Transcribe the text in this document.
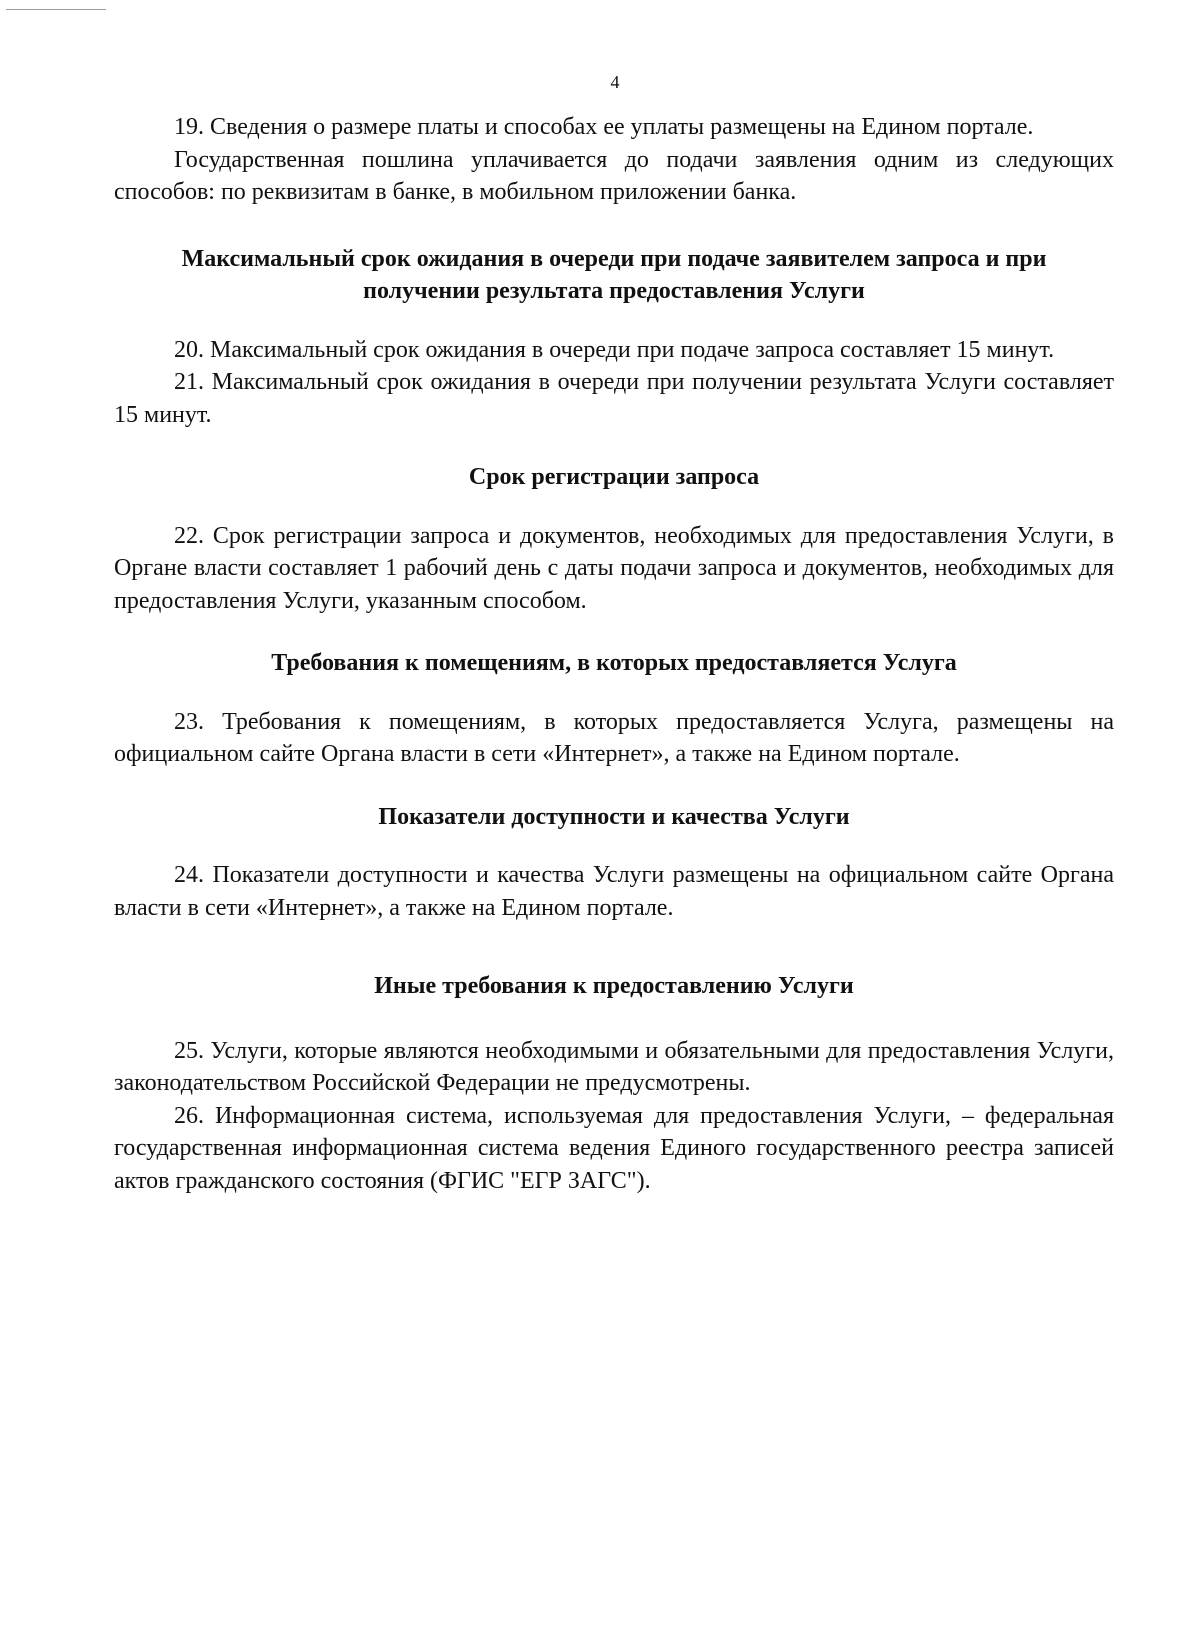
4

19. Сведения о размере платы и способах ее уплаты размещены на Едином портале.

Государственная пошлина уплачивается до подачи заявления одним из следующих способов: по реквизитам в банке, в мобильном приложении банка.

Максимальный срок ожидания в очереди при подаче заявителем запроса и при
получении результата предоставления Услуги

20. Максимальный срок ожидания в очереди при подаче запроса составляет 15 минут.

21. Максимальный срок ожидания в очереди при получении результата Услуги составляет 15 минут.

Срок регистрации запроса

22. Срок регистрации запроса и документов, необходимых для предоставления Услуги, в Органе власти составляет 1 рабочий день с даты подачи запроса и документов, необходимых для предоставления Услуги, указанным способом.

Требования к помещениям, в которых предоставляется Услуга

23. Требования к помещениям, в которых предоставляется Услуга, размещены на официальном сайте Органа власти в сети «Интернет», а также на Едином портале.

Показатели доступности и качества Услуги

24. Показатели доступности и качества Услуги размещены на официальном сайте Органа власти в сети «Интернет», а также на Едином портале.

Иные требования к предоставлению Услуги

25. Услуги, которые являются необходимыми и обязательными для предоставления Услуги, законодательством Российской Федерации не предусмотрены.

26. Информационная система, используемая для предоставления Услуги, – федеральная государственная информационная система ведения Единого государственного реестра записей актов гражданского состояния (ФГИС "ЕГР ЗАГС").
